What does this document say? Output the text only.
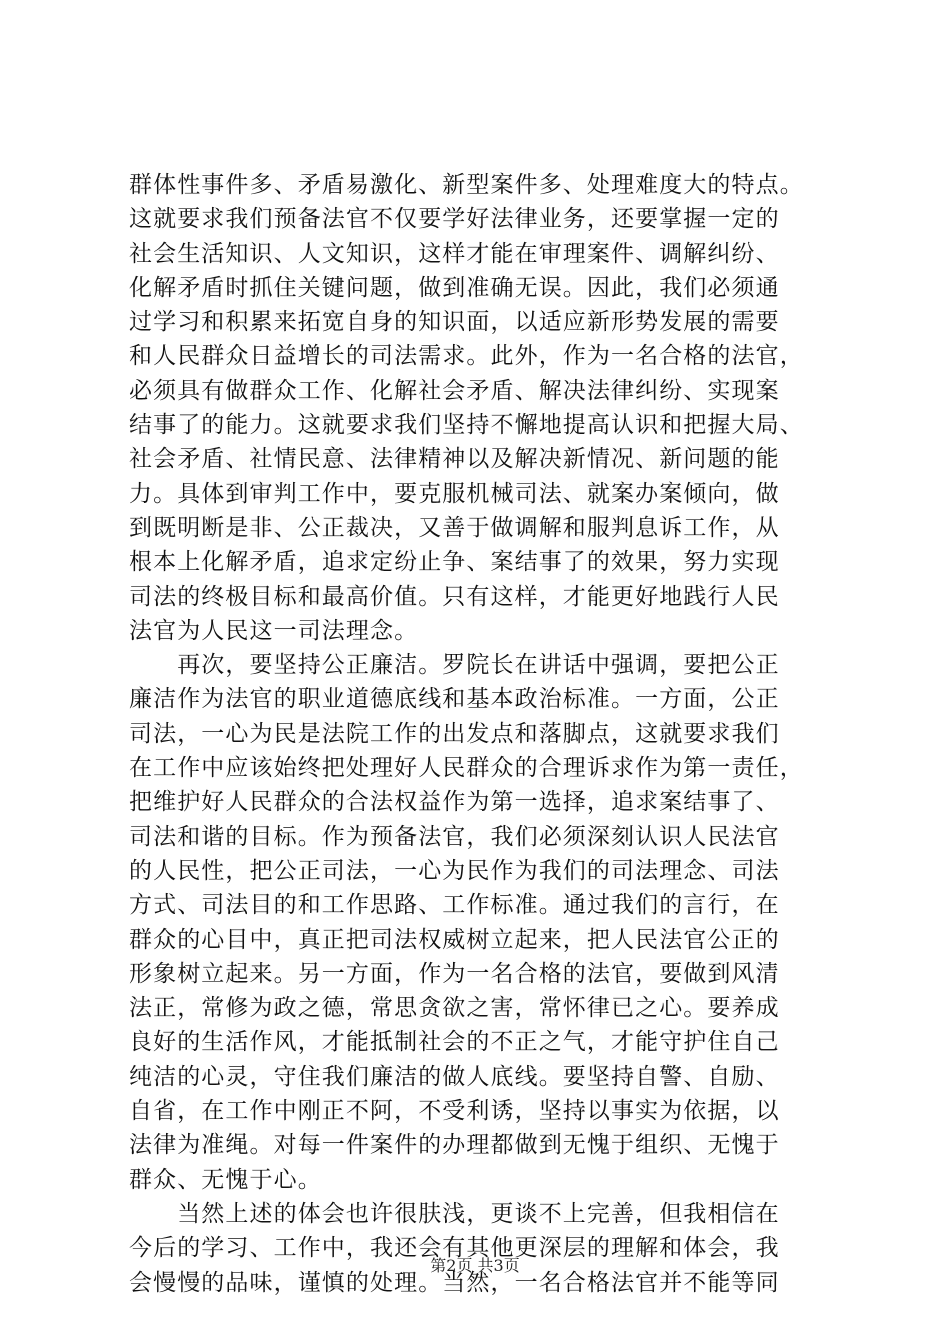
群体性事件多、矛盾易激化、新型案件多、处理难度大的特点。
这就要求我们预备法官不仅要学好法律业务，还要掌握一定的
社会生活知识、人文知识，这样才能在审理案件、调解纠纷、
化解矛盾时抓住关键问题，做到准确无误。因此，我们必须通
过学习和积累来拓宽自身的知识面，以适应新形势发展的需要
和人民群众日益增长的司法需求。此外，作为一名合格的法官，
必须具有做群众工作、化解社会矛盾、解决法律纠纷、实现案
结事了的能力。这就要求我们坚持不懈地提高认识和把握大局、
社会矛盾、社情民意、法律精神以及解决新情况、新问题的能
力。具体到审判工作中，要克服机械司法、就案办案倾向，做
到既明断是非、公正裁决，又善于做调解和服判息诉工作，从
根本上化解矛盾，追求定纷止争、案结事了的效果，努力实现
司法的终极目标和最高价值。只有这样，才能更好地践行人民
法官为人民这一司法理念。
　　再次，要坚持公正廉洁。罗院长在讲话中强调，要把公正
廉洁作为法官的职业道德底线和基本政治标准。一方面，公正
司法，一心为民是法院工作的出发点和落脚点，这就要求我们
在工作中应该始终把处理好人民群众的合理诉求作为第一责任，
把维护好人民群众的合法权益作为第一选择，追求案结事了、
司法和谐的目标。作为预备法官，我们必须深刻认识人民法官
的人民性，把公正司法，一心为民作为我们的司法理念、司法
方式、司法目的和工作思路、工作标准。通过我们的言行，在
群众的心目中，真正把司法权威树立起来，把人民法官公正的
形象树立起来。另一方面，作为一名合格的法官，要做到风清
法正，常修为政之德，常思贪欲之害，常怀律已之心。要养成
良好的生活作风，才能抵制社会的不正之气，才能守护住自己
纯洁的心灵，守住我们廉洁的做人底线。要坚持自警、自励、
自省，在工作中刚正不阿，不受利诱，坚持以事实为依据，以
法律为准绳。对每一件案件的办理都做到无愧于组织、无愧于
群众、无愧于心。
　　当然上述的体会也许很肤浅，更谈不上完善，但我相信在
今后的学习、工作中，我还会有其他更深层的理解和体会，我
会慢慢的品味，谨慎的处理。当然，一名合格法官并不能等同
第2页 共3页
